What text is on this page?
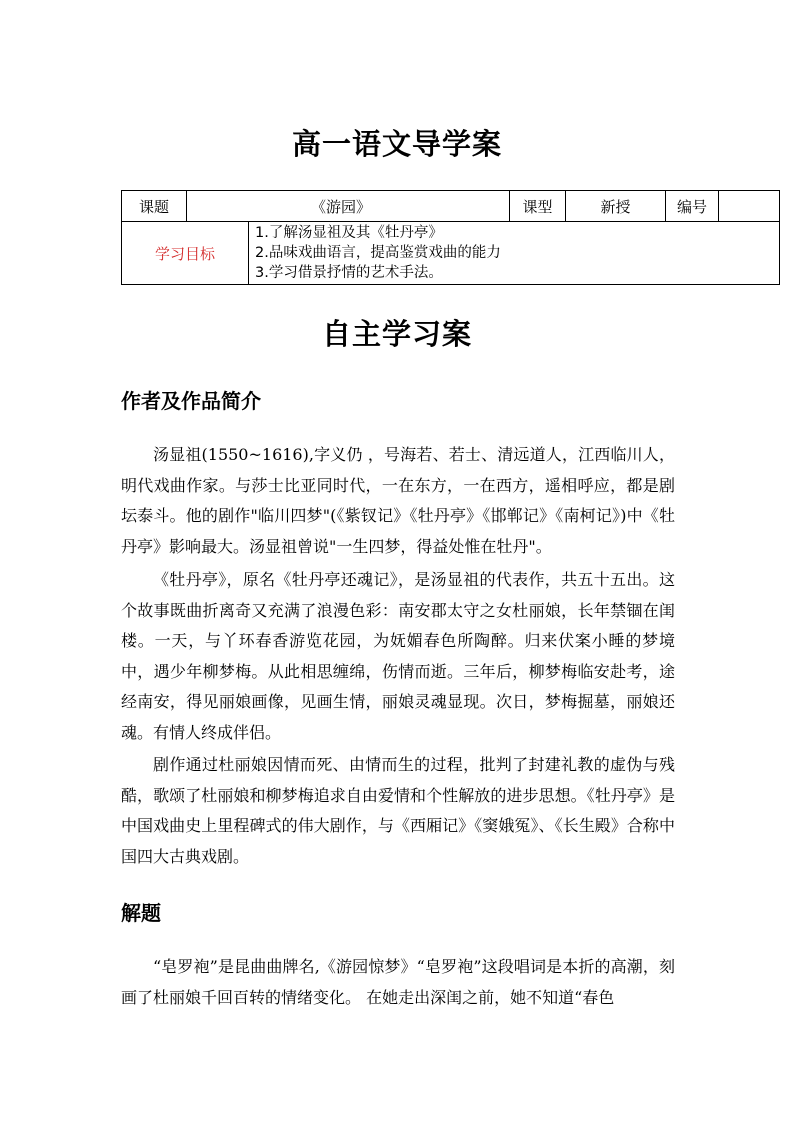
高一语文导学案
课题	《游园》		课型	新授	编号	
学习目标		1.了解汤显祖及其《牡丹亭》
2.品味戏曲语言，提高鉴赏戏曲的能力
3.学习借景抒情的艺术手法。				
自主学习案
作者及作品简介

汤显祖(1550~1616),字义仍 ，号海若、若士、清远道人，江西临川人，明代戏曲作家。与莎士比亚同时代，一在东方，一在西方，遥相呼应，都是剧坛泰斗。他的剧作"临川四梦"(《紫钗记》《牡丹亭》《邯郸记》《南柯记》)中《牡丹亭》影响最大。汤显祖曾说"一生四梦，得益处惟在牡丹"。

《牡丹亭》，原名《牡丹亭还魂记》，是汤显祖的代表作，共五十五出。这个故事既曲折离奇又充满了浪漫色彩：南安郡太守之女杜丽娘，长年禁锢在闺楼。一天，与丫环春香游览花园，为妩媚春色所陶醉。归来伏案小睡的梦境中，遇少年柳梦梅。从此相思缠绵，伤情而逝。三年后，柳梦梅临安赴考，途经南安，得见丽娘画像，见画生情，丽娘灵魂显现。次日，梦梅掘墓，丽娘还魂。有情人终成伴侣。

剧作通过杜丽娘因情而死、由情而生的过程，批判了封建礼教的虚伪与残酷，歌颂了杜丽娘和柳梦梅追求自由爱情和个性解放的进步思想。《牡丹亭》是中国戏曲史上里程碑式的伟大剧作，与《西厢记》《窦娥冤》、《长生殿》合称中国四大古典戏剧。

解题

“皂罗袍”是昆曲曲牌名,《游园惊梦》“皂罗袍”这段唱词是本折的高潮，刻画了杜丽娘千回百转的情绪变化。 在她走出深闺之前，她不知道“春色
